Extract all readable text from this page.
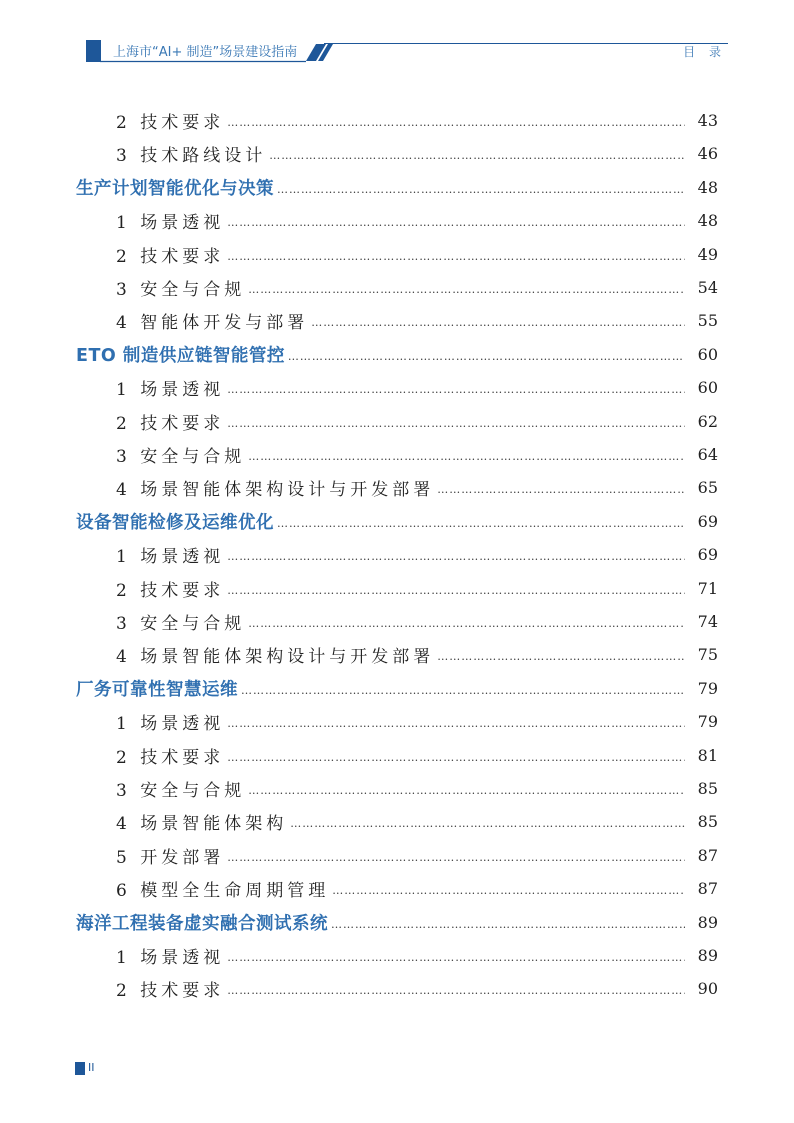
上海市“AI+ 制造”场景建设指南	目 录
2 技术要求 …………………………………………………………………………………………………………………………………………………………………………………………………………	43
3 技术路线设计 …………………………………………………………………………………………………………………………………………………………………………………………………………	46
生产计划智能优化与决策 …………………………………………………………………………………………………………………………………………………………………………………………………………	48
1 场景透视 …………………………………………………………………………………………………………………………………………………………………………………………………………	48
2 技术要求 …………………………………………………………………………………………………………………………………………………………………………………………………………	49
3 安全与合规 …………………………………………………………………………………………………………………………………………………………………………………………………………	54
4 智能体开发与部署 …………………………………………………………………………………………………………………………………………………………………………………………………………	55
ETO 制造供应链智能管控 …………………………………………………………………………………………………………………………………………………………………………………………………………	60
1 场景透视 …………………………………………………………………………………………………………………………………………………………………………………………………………	60
2 技术要求 …………………………………………………………………………………………………………………………………………………………………………………………………………	62
3 安全与合规 …………………………………………………………………………………………………………………………………………………………………………………………………………	64
4 场景智能体架构设计与开发部署 …………………………………………………………………………………………………………………………………………………………………………………………………………	65
设备智能检修及运维优化 …………………………………………………………………………………………………………………………………………………………………………………………………………	69
1 场景透视 …………………………………………………………………………………………………………………………………………………………………………………………………………	69
2 技术要求 …………………………………………………………………………………………………………………………………………………………………………………………………………	71
3 安全与合规 …………………………………………………………………………………………………………………………………………………………………………………………………………	74
4 场景智能体架构设计与开发部署 …………………………………………………………………………………………………………………………………………………………………………………………………………	75
厂务可靠性智慧运维 …………………………………………………………………………………………………………………………………………………………………………………………………………	79
1 场景透视 …………………………………………………………………………………………………………………………………………………………………………………………………………	79
2 技术要求 …………………………………………………………………………………………………………………………………………………………………………………………………………	81
3 安全与合规 …………………………………………………………………………………………………………………………………………………………………………………………………………	85
4 场景智能体架构 …………………………………………………………………………………………………………………………………………………………………………………………………………	85
5 开发部署 …………………………………………………………………………………………………………………………………………………………………………………………………………	87
6 模型全生命周期管理 …………………………………………………………………………………………………………………………………………………………………………………………………………	87
海洋工程装备虚实融合测试系统 …………………………………………………………………………………………………………………………………………………………………………………………………………	89
1 场景透视 …………………………………………………………………………………………………………………………………………………………………………………………………………	89
2 技术要求 …………………………………………………………………………………………………………………………………………………………………………………………………………	90
II
